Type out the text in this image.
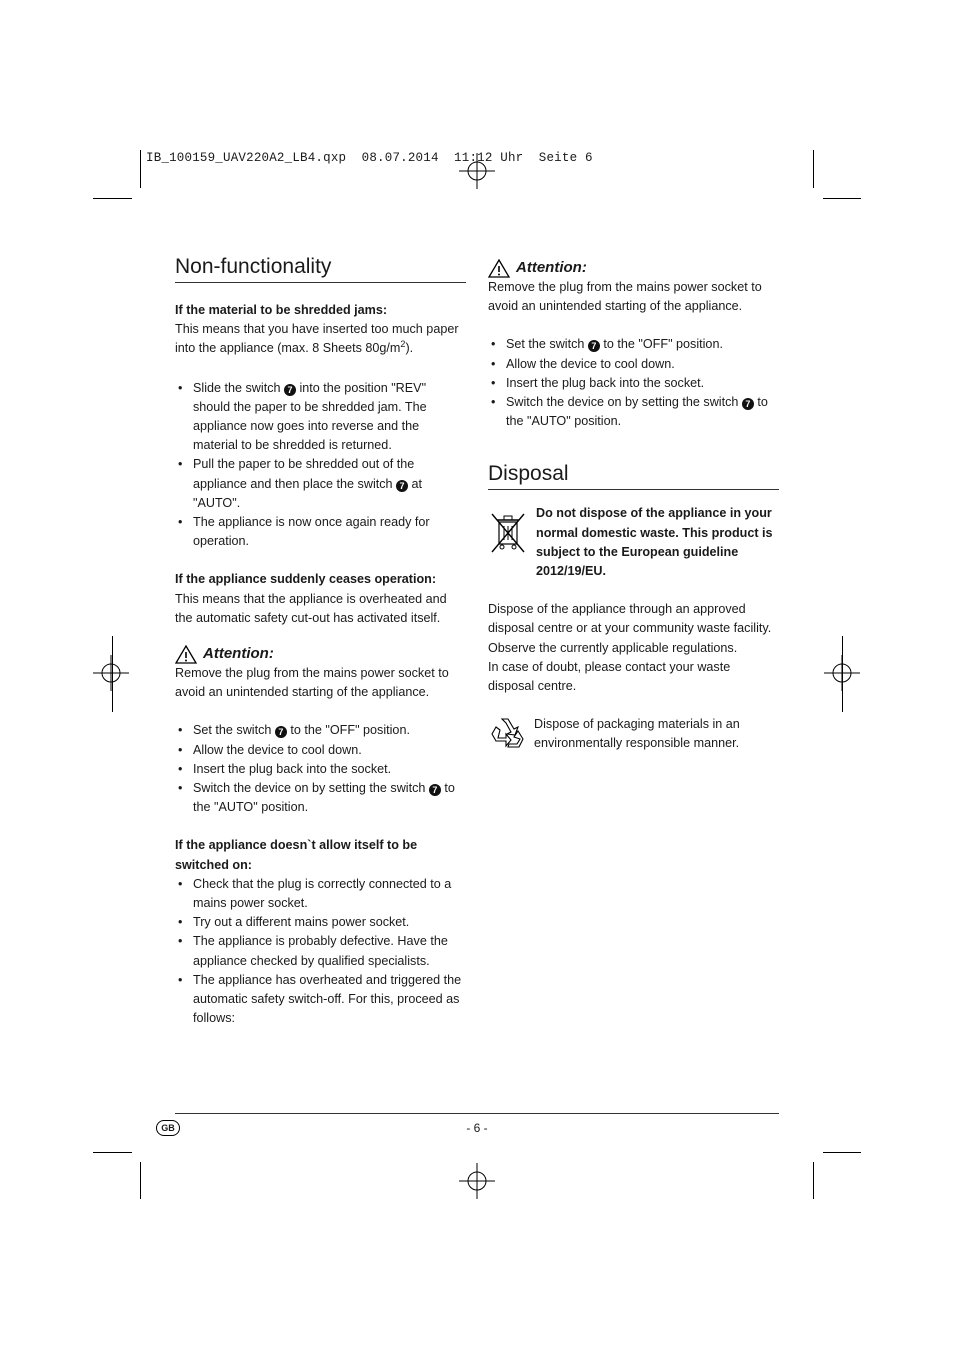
IB_100159_UAV220A2_LB4.qxp  08.07.2014  11:12 Uhr  Seite 6
Non-functionality
If the material to be shredded jams:
This means that you have inserted too much paper into the appliance (max. 8 Sheets $80g/m^2$).
• Slide the switch 7 into the position "REV" should the paper to be shredded jam. The appliance now goes into reverse and the material to be shredded is returned.
• Pull the paper to be shredded out of the appliance and then place the switch 7 at "AUTO".
• The appliance is now once again ready for operation.
If the appliance suddenly ceases operation:
This means that the appliance is overheated and the automatic safety cut-out has activated itself.
Attention:
Remove the plug from the mains power socket to avoid an unintended starting of the appliance.
• Set the switch 7 to the "OFF" position.
• Allow the device to cool down.
• Insert the plug back into the socket.
• Switch the device on by setting the switch 7 to the "AUTO" position.
If the appliance doesn`t allow itself to be switched on:
• Check that the plug is correctly connected to a mains power socket.
• Try out a different mains power socket.
• The appliance is probably defective. Have the appliance checked by qualified specialists.
• The appliance has overheated and triggered the automatic safety switch-off. For this, proceed as follows:
Attention:
Remove the plug from the mains power socket to avoid an unintended starting of the appliance.
• Set the switch 7 to the "OFF" position.
• Allow the device to cool down.
• Insert the plug back into the socket.
• Switch the device on by setting the switch 7 to the "AUTO" position.
Disposal
Do not dispose of the appliance in your normal domestic waste. This product is subject to the European guideline 2012/19/EU.
Dispose of the appliance through an approved disposal centre or at your community waste facility. Observe the currently applicable regulations.
In case of doubt, please contact your waste disposal centre.
Dispose of packaging materials in an environmentally responsible manner.
GB	- 6 -
